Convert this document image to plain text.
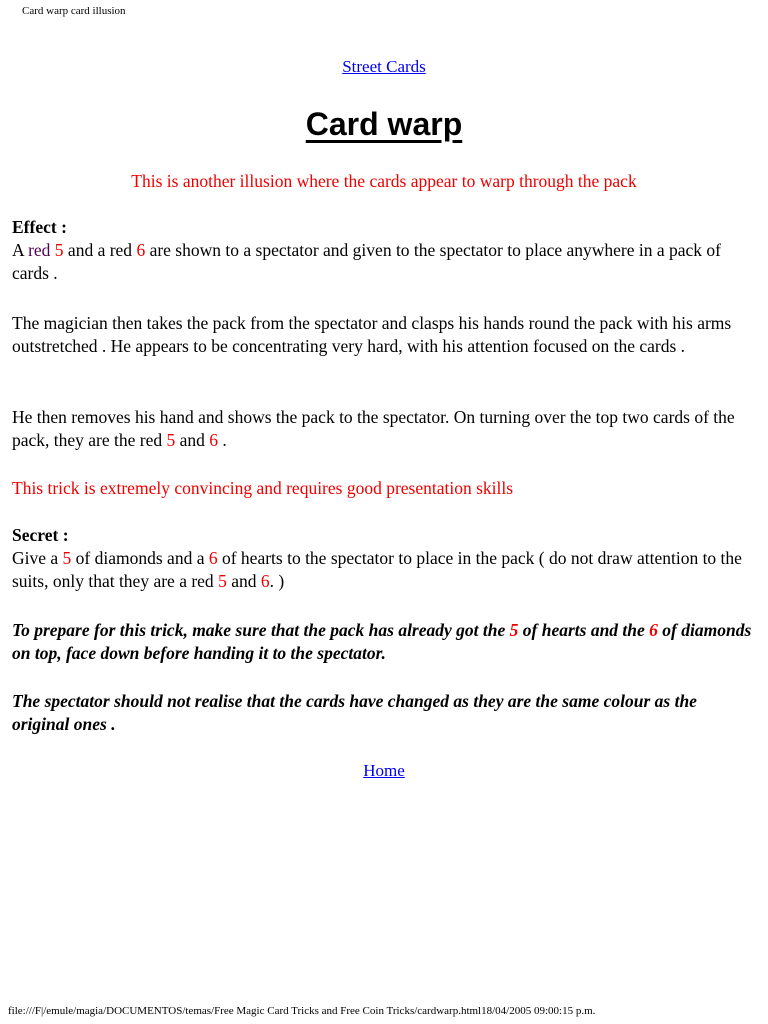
Card warp card illusion
Street Cards
Card warp
This is another illusion where the cards appear to warp through the pack

Effect :

A red 5 and a red 6 are shown to a spectator and given to the spectator to place anywhere in a pack of cards .

The magician then takes the pack from the spectator and clasps his hands round the pack with his arms outstretched . He appears to be concentrating very hard, with his attention focused on the cards .

He then removes his hand and shows the pack to the spectator. On turning over the top two cards of the pack, they are the red 5 and 6 .

This trick is extremely convincing and requires good presentation skills

Secret :

Give a 5 of diamonds and a 6 of hearts to the spectator to place in the pack ( do not draw attention to the suits, only that they are a red 5 and 6. )

To prepare for this trick, make sure that the pack has already got the 5 of hearts and the 6 of diamonds on top, face down before handing it to the spectator.

The spectator should not realise that the cards have changed as they are the same colour as the original ones .

Home
file:///F|/emule/magia/DOCUMENTOS/temas/Free Magic Card Tricks and Free Coin Tricks/cardwarp.html18/04/2005 09:00:15 p.m.
